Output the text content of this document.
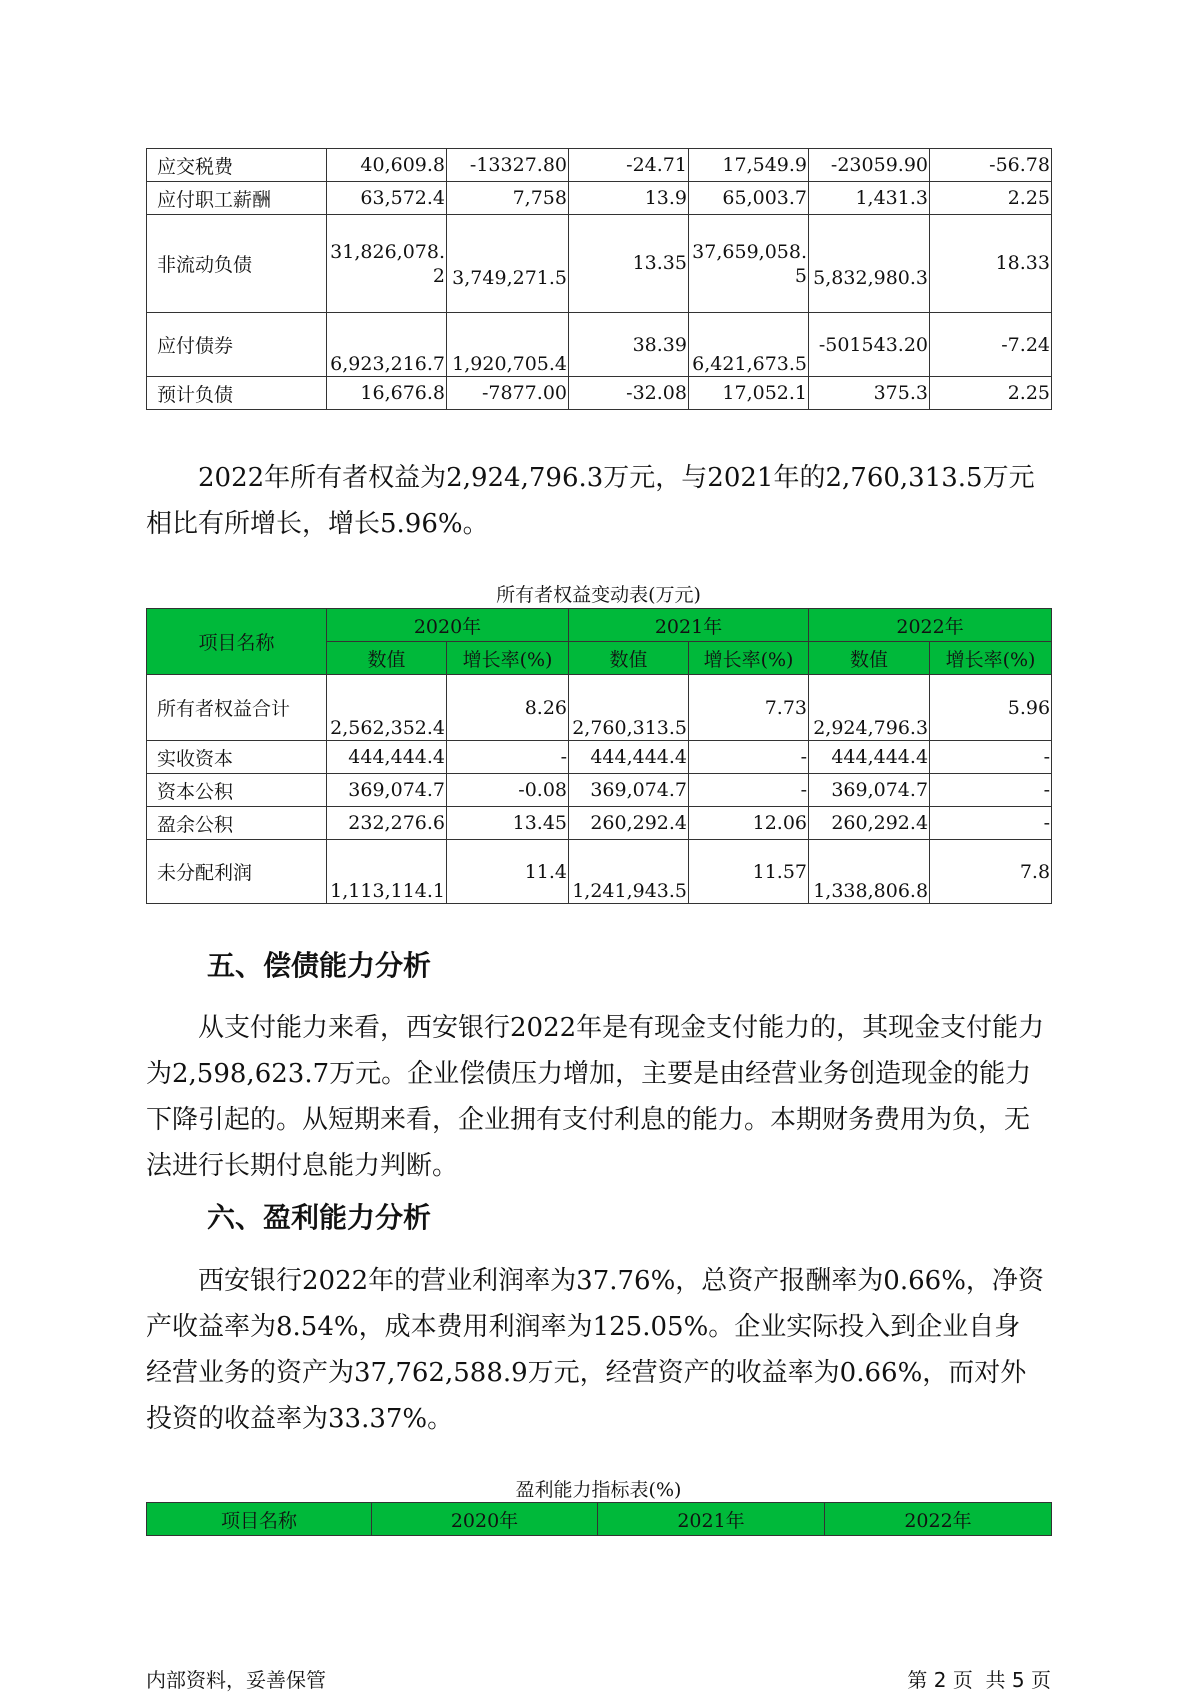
应交税费	40,609.8	-13327.80	-24.71	17,549.9	-23059.90	-56.78
应付职工薪酬	63,572.4	7,758	13.9	65,003.7	1,431.3	2.25
非流动负债	31,826,078.2	3,749,271.5	13.35	37,659,058.5	5,832,980.3	18.33
应付债券	6,923,216.7	1,920,705.4	38.39	6,421,673.5	-501543.20	-7.24
预计负债	16,676.8	-7877.00	-32.08	17,052.1	375.3	2.25

2022年所有者权益为2,924,796.3万元，与2021年的2,760,313.5万元相比有所增长，增长5.96%。

所有者权益变动表(万元)
项目名称	2020年		2021年		2022年	
	数值	增长率(%)	数值	增长率(%)	数值	增长率(%)
所有者权益合计	2,562,352.4	8.26	2,760,313.5	7.73	2,924,796.3	5.96
实收资本	444,444.4	-	444,444.4	-	444,444.4	-
资本公积	369,074.7	-0.08	369,074.7	-	369,074.7	-
盈余公积	232,276.6	13.45	260,292.4	12.06	260,292.4	-
未分配利润	1,113,114.1	11.4	1,241,943.5	11.57	1,338,806.8	7.8
五、偿债能力分析

从支付能力来看，西安银行2022年是有现金支付能力的，其现金支付能力为2,598,623.7万元。企业偿债压力增加，主要是由经营业务创造现金的能力下降引起的。从短期来看，企业拥有支付利息的能力。本期财务费用为负，无法进行长期付息能力判断。

六、盈利能力分析

西安银行2022年的营业利润率为37.76%，总资产报酬率为0.66%，净资产收益率为8.54%，成本费用利润率为125.05%。企业实际投入到企业自身经营业务的资产为37,762,588.9万元，经营资产的收益率为0.66%，而对外投资的收益率为33.37%。

盈利能力指标表(%)
项目名称	2020年	2021年	2022年
内部资料，妥善保管	第 2 页  共 5 页
